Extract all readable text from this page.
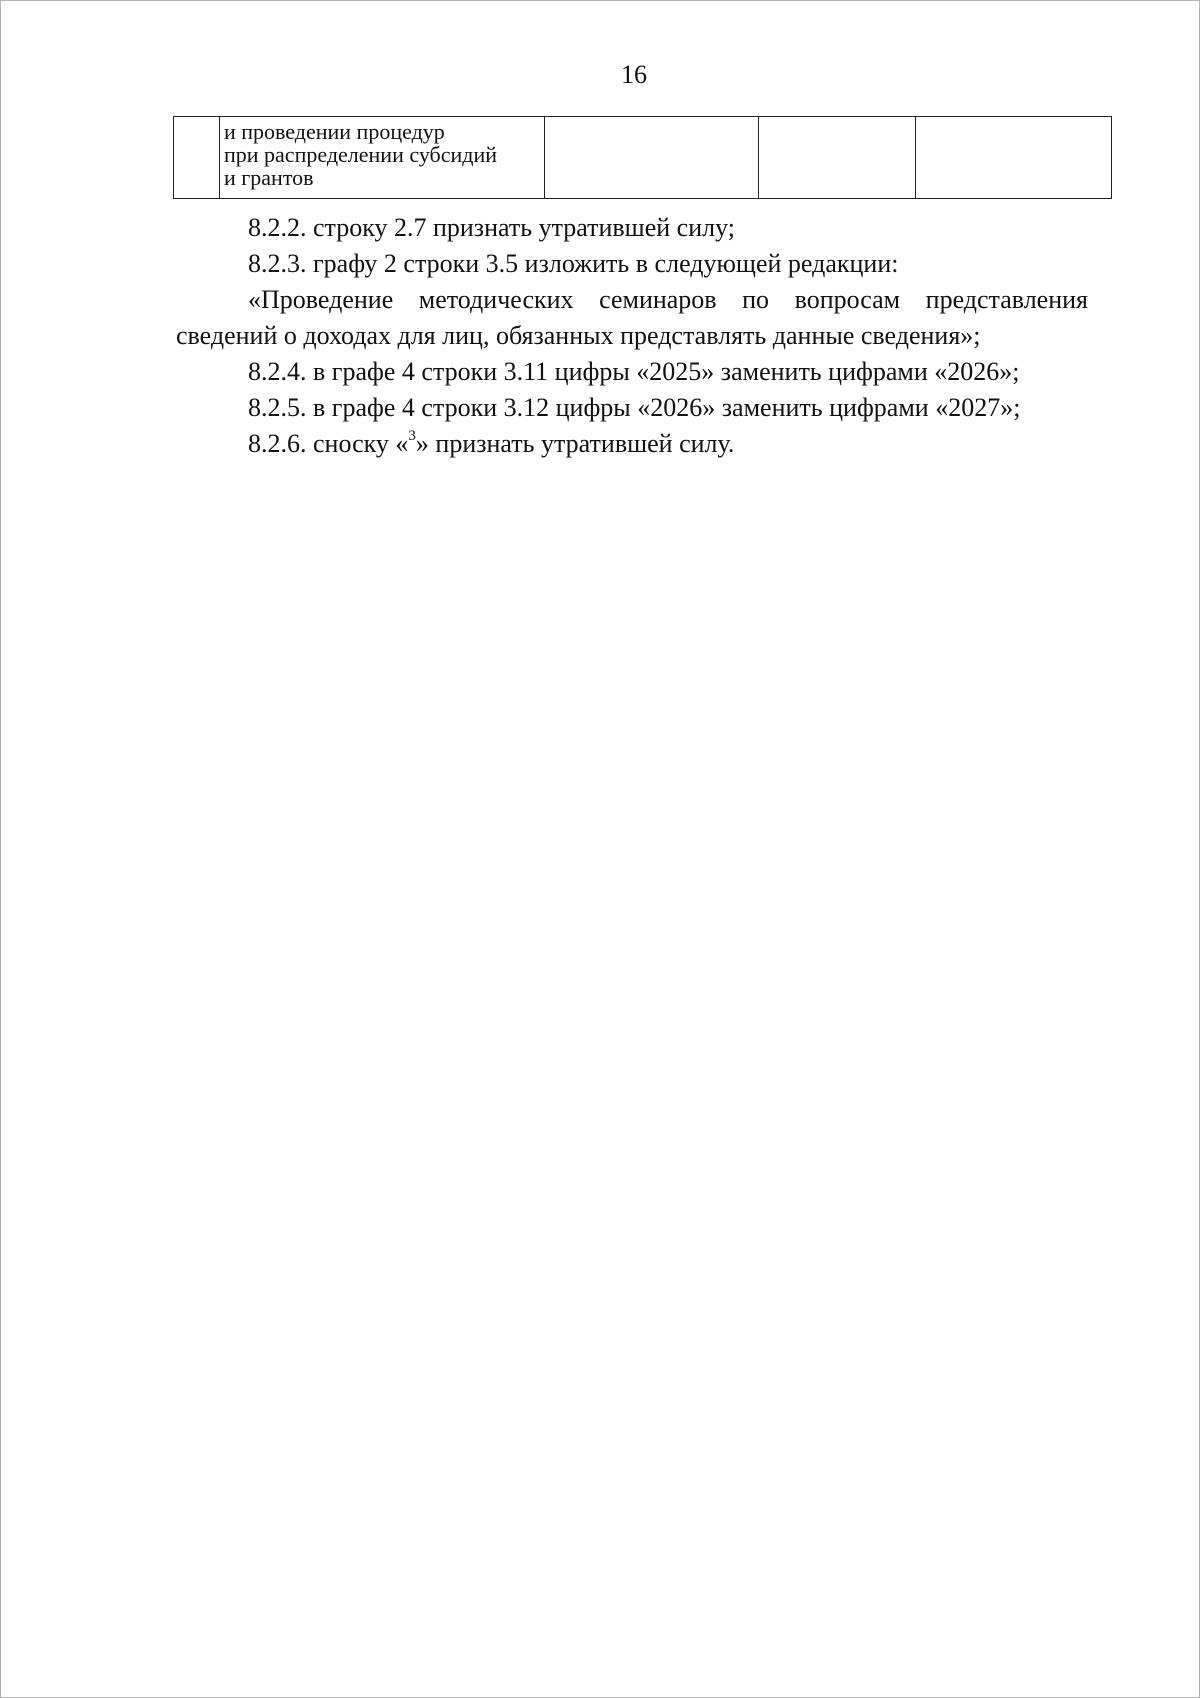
16

и проведении процедур
при распределении субсидий
и грантов

8.2.2. строку 2.7 признать утратившей силу;

8.2.3. графу 2 строки 3.5 изложить в следующей редакции:

«Проведение методических семинаров по вопросам представления сведений о доходах для лиц, обязанных представлять данные сведения»;

8.2.4. в графе 4 строки 3.11 цифры «2025» заменить цифрами «2026»;

8.2.5. в графе 4 строки 3.12 цифры «2026» заменить цифрами «2027»;

8.2.6. сноску «$^3$» признать утратившей силу.
